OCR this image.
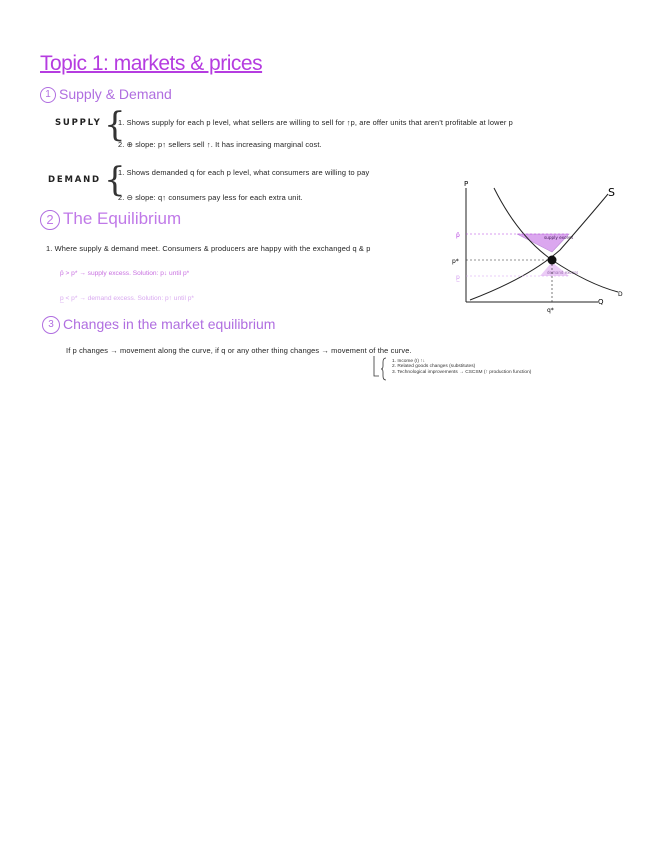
Topic 1: markets & prices
1 Supply & Demand
SUPPLY {
1. Shows supply for each p level, what sellers are willing to sell for ↑p, are offer units that aren't profitable at lower p
2. ⊕ slope: p↑ sellers sell ↑. It has increasing marginal cost.
DEMAND {
1. Shows demanded q for each p level, what consumers are willing to pay
2. ⊖ slope: q↑ consumers pay less for each extra unit.
2 The Equilibrium
1. Where supply & demand meet. Consumers & producers are happy with the exchanged q & p
p̄ > p* → supply excess. Solution: p↓ until p*
p̲ < p* → demand excess. Solution: p↑ until p*
3 Changes in the market equilibrium
If p changes → movement along the curve, if q or any other thing changes → movement of the curve.
1. Income (I) ↑↓
2. Related goods changes (substitutes)
3. Technological improvements → CSCSM (↑ production function)
P
Q
supply excess
demand excess
S
D
p̄
p*
p̲
q*
